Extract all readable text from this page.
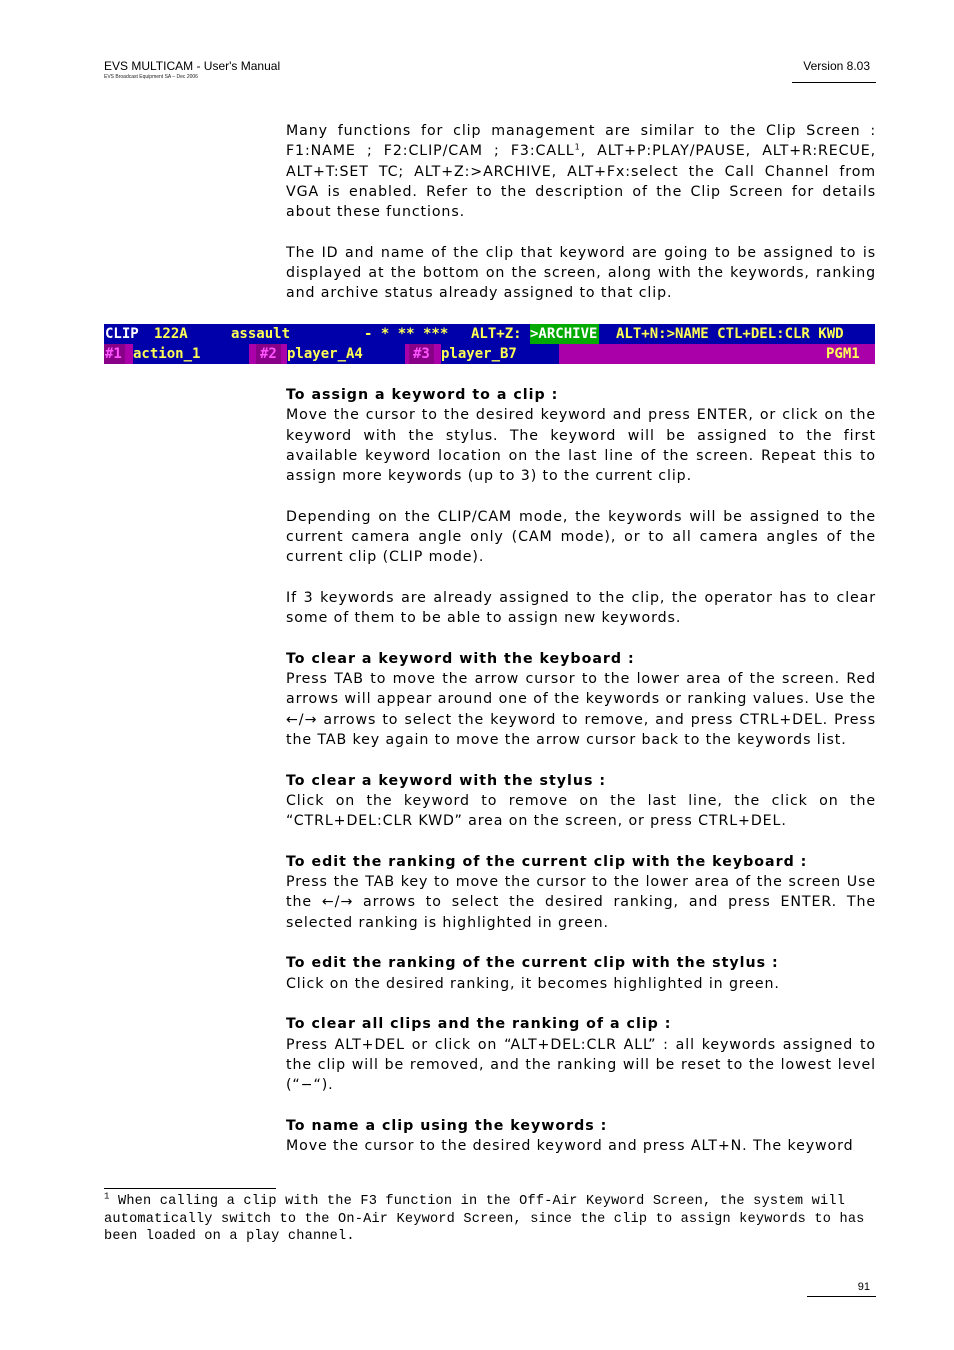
EVS MULTICAM - User's Manual
EVS Broadcast Equipment SA – Dec 2006
Version 8.03

Many functions for clip management are similar to the Clip Screen : F1:NAME ; F2:CLIP/CAM ; F3:CALL$^1$, ALT+P:PLAY/PAUSE, ALT+R:RECUE, ALT+T:SET TC; ALT+Z:>ARCHIVE, ALT+Fx:select the Call Channel from VGA is enabled. Refer to the description of the Clip Screen for details about these functions.

The ID and name of the clip that keyword are going to be assigned to is displayed at the bottom on the screen, along with the keywords, ranking and archive status already assigned to that clip.

CLIP

122A

	assault

	- * ** ***

ALT+Z:

>ARCHIVE

ALT+N:>NAME CTL+DEL:CLR KWD

#1

action_1

	#2

player_A4

	#3

player_B7

	PGM1

To assign a keyword to a clip :
Move the cursor to the desired keyword and press ENTER, or click on the keyword with the stylus. The keyword will be assigned to the first available keyword location on the last line of the screen. Repeat this to assign more keywords (up to 3) to the current clip.

Depending on the CLIP/CAM mode, the keywords will be assigned to the current camera angle only (CAM mode), or to all camera angles of the current clip (CLIP mode).

If 3 keywords are already assigned to the clip, the operator has to clear some of them to be able to assign new keywords.

To clear a keyword with the keyboard :
Press TAB to move the arrow cursor to the lower area of the screen. Red arrows will appear around one of the keywords or ranking values. Use the ←/→ arrows to select the keyword to remove, and press CTRL+DEL. Press the TAB key again to move the arrow cursor back to the keywords list.

To clear a keyword with the stylus :
Click on the keyword to remove on the last line, the click on the “CTRL+DEL:CLR KWD” area on the screen, or press CTRL+DEL.

To edit the ranking of the current clip with the keyboard :
Press the TAB key to move the cursor to the lower area of the screen Use the ←/→ arrows to select the desired ranking, and press ENTER. The selected ranking is highlighted in green.

To edit the ranking of the current clip with the stylus :
Click on the desired ranking, it becomes highlighted in green.

To clear all clips and the ranking of a clip :
Press ALT+DEL or click on “ALT+DEL:CLR ALL” : all keywords assigned to the clip will be removed, and the ranking will be reset to the lowest level (“−“).

To name a clip using the keywords :
Move the cursor to the desired keyword and press ALT+N. The keyword

$^1$ When calling a clip with the F3 function in the Off-Air Keyword Screen, the system will automatically switch to the On-Air Keyword Screen, since the clip to assign keywords to has been loaded on a play channel.
91
